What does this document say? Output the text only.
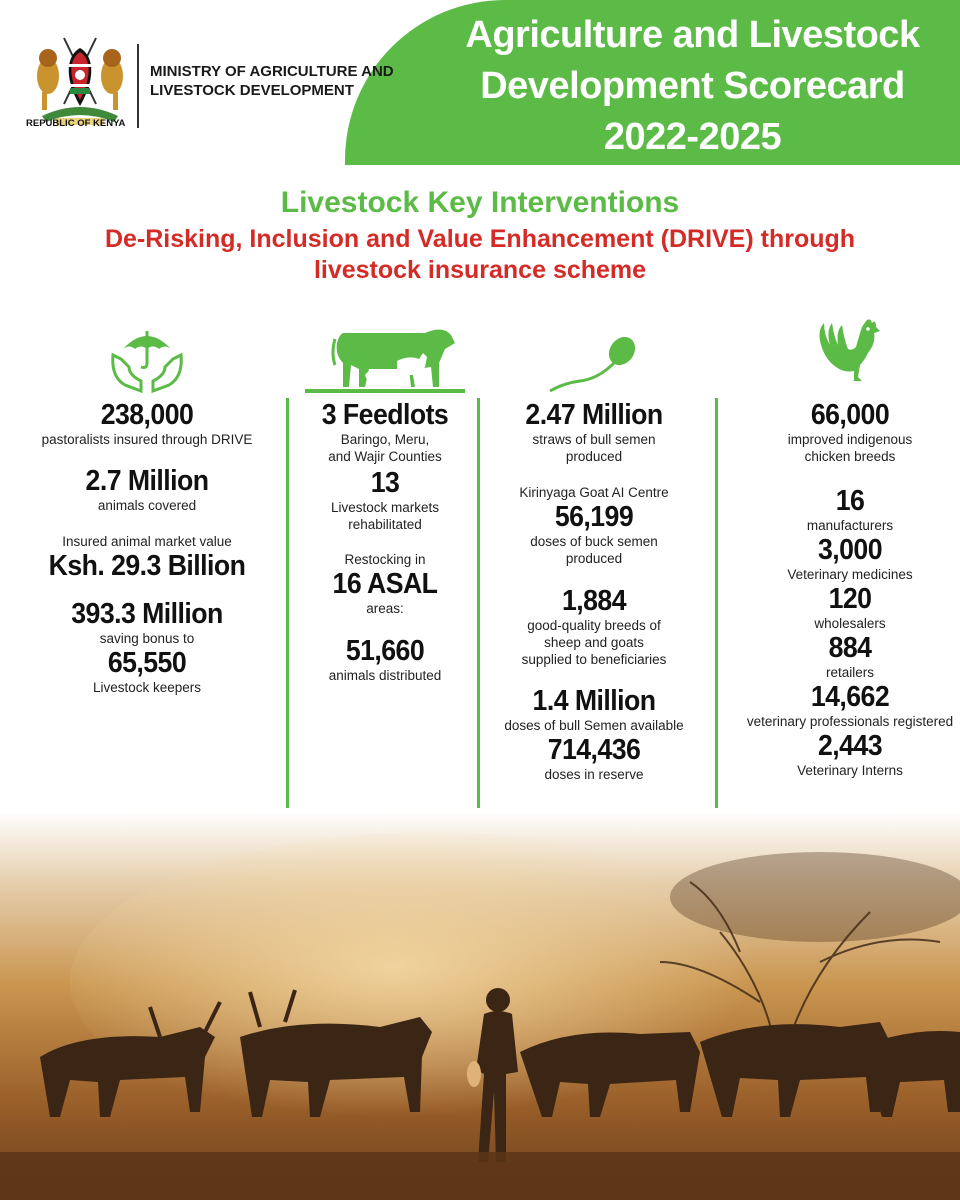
Agriculture and Livestock
Development Scorecard
2022-2025
REPUBLIC OF KENYA
MINISTRY OF AGRICULTURE AND
LIVESTOCK DEVELOPMENT
Livestock Key Interventions
De-Risking, Inclusion and Value Enhancement (DRIVE) through
livestock insurance scheme
238,000
pastoralists insured through DRIVE
2.7 Million
animals covered
Insured animal market value
Ksh. 29.3 Billion
393.3 Million
saving bonus to
65,550
Livestock keepers
3 Feedlots
Baringo, Meru,
and Wajir Counties
13
Livestock markets
rehabilitated
Restocking in
16 ASAL
areas:
51,660
animals distributed
2.47 Million
straws of bull semen
produced
Kirinyaga Goat AI Centre
56,199
doses of buck semen
produced
1,884
good-quality breeds of
sheep and goats
supplied to beneficiaries
1.4 Million
doses of bull Semen available
714,436
doses in reserve
66,000
improved indigenous
chicken breeds
16
manufacturers
3,000
Veterinary medicines
120
wholesalers
884
retailers
14,662
veterinary professionals registered
2,443
Veterinary Interns
